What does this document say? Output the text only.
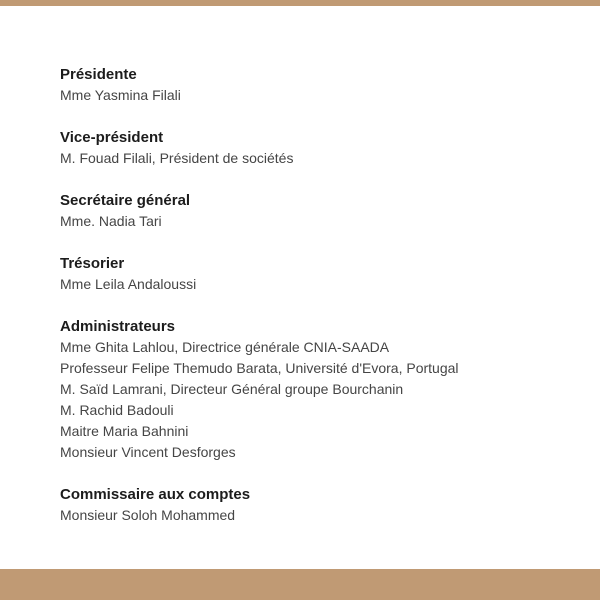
Présidente
Mme Yasmina Filali
Vice-président
M. Fouad Filali, Président de sociétés
Secrétaire général
Mme. Nadia Tari
Trésorier
Mme Leila Andaloussi
Administrateurs
Mme Ghita Lahlou, Directrice générale CNIA-SAADA
Professeur Felipe Themudo Barata, Université d'Evora, Portugal
M. Saïd Lamrani, Directeur Général groupe Bourchanin
M. Rachid Badouli
Maitre Maria Bahnini
Monsieur Vincent Desforges
Commissaire aux comptes
Monsieur Soloh Mohammed
